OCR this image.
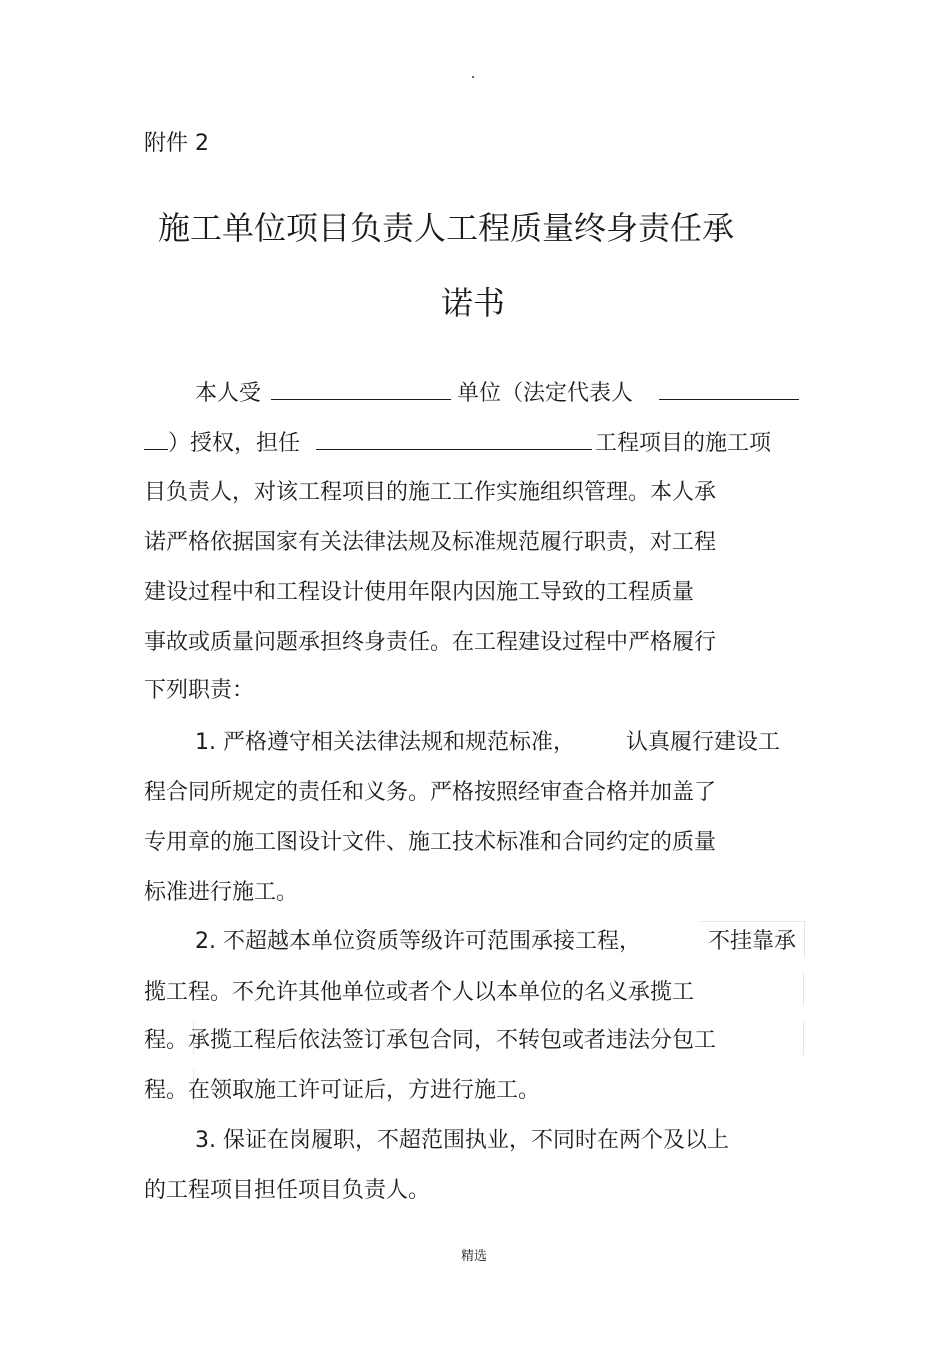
附件 2
施工单位项目负责人工程质量终身责任承
诺书
本人受	单位（法定代表人
）授权，担任	工程项目的施工项
目负责人，对该工程项目的施工工作实施组织管理。本人承
诺严格依据国家有关法律法规及标准规范履行职责，对工程
建设过程中和工程设计使用年限内因施工导致的工程质量
事故或质量问题承担终身责任。在工程建设过程中严格履行
下列职责：
1. 严格遵守相关法律法规和规范标准， 认真履行建设工
程合同所规定的责任和义务。严格按照经审查合格并加盖了
专用章的施工图设计文件、施工技术标准和合同约定的质量
标准进行施工。
2. 不超越本单位资质等级许可范围承接工程，	不挂靠承
揽工程。不允许其他单位或者个人以本单位的名义承揽工
程。承揽工程后依法签订承包合同，不转包或者违法分包工
程。在领取施工许可证后，方进行施工。
3. 保证在岗履职，不超范围执业，不同时在两个及以上
的工程项目担任项目负责人。
精选
